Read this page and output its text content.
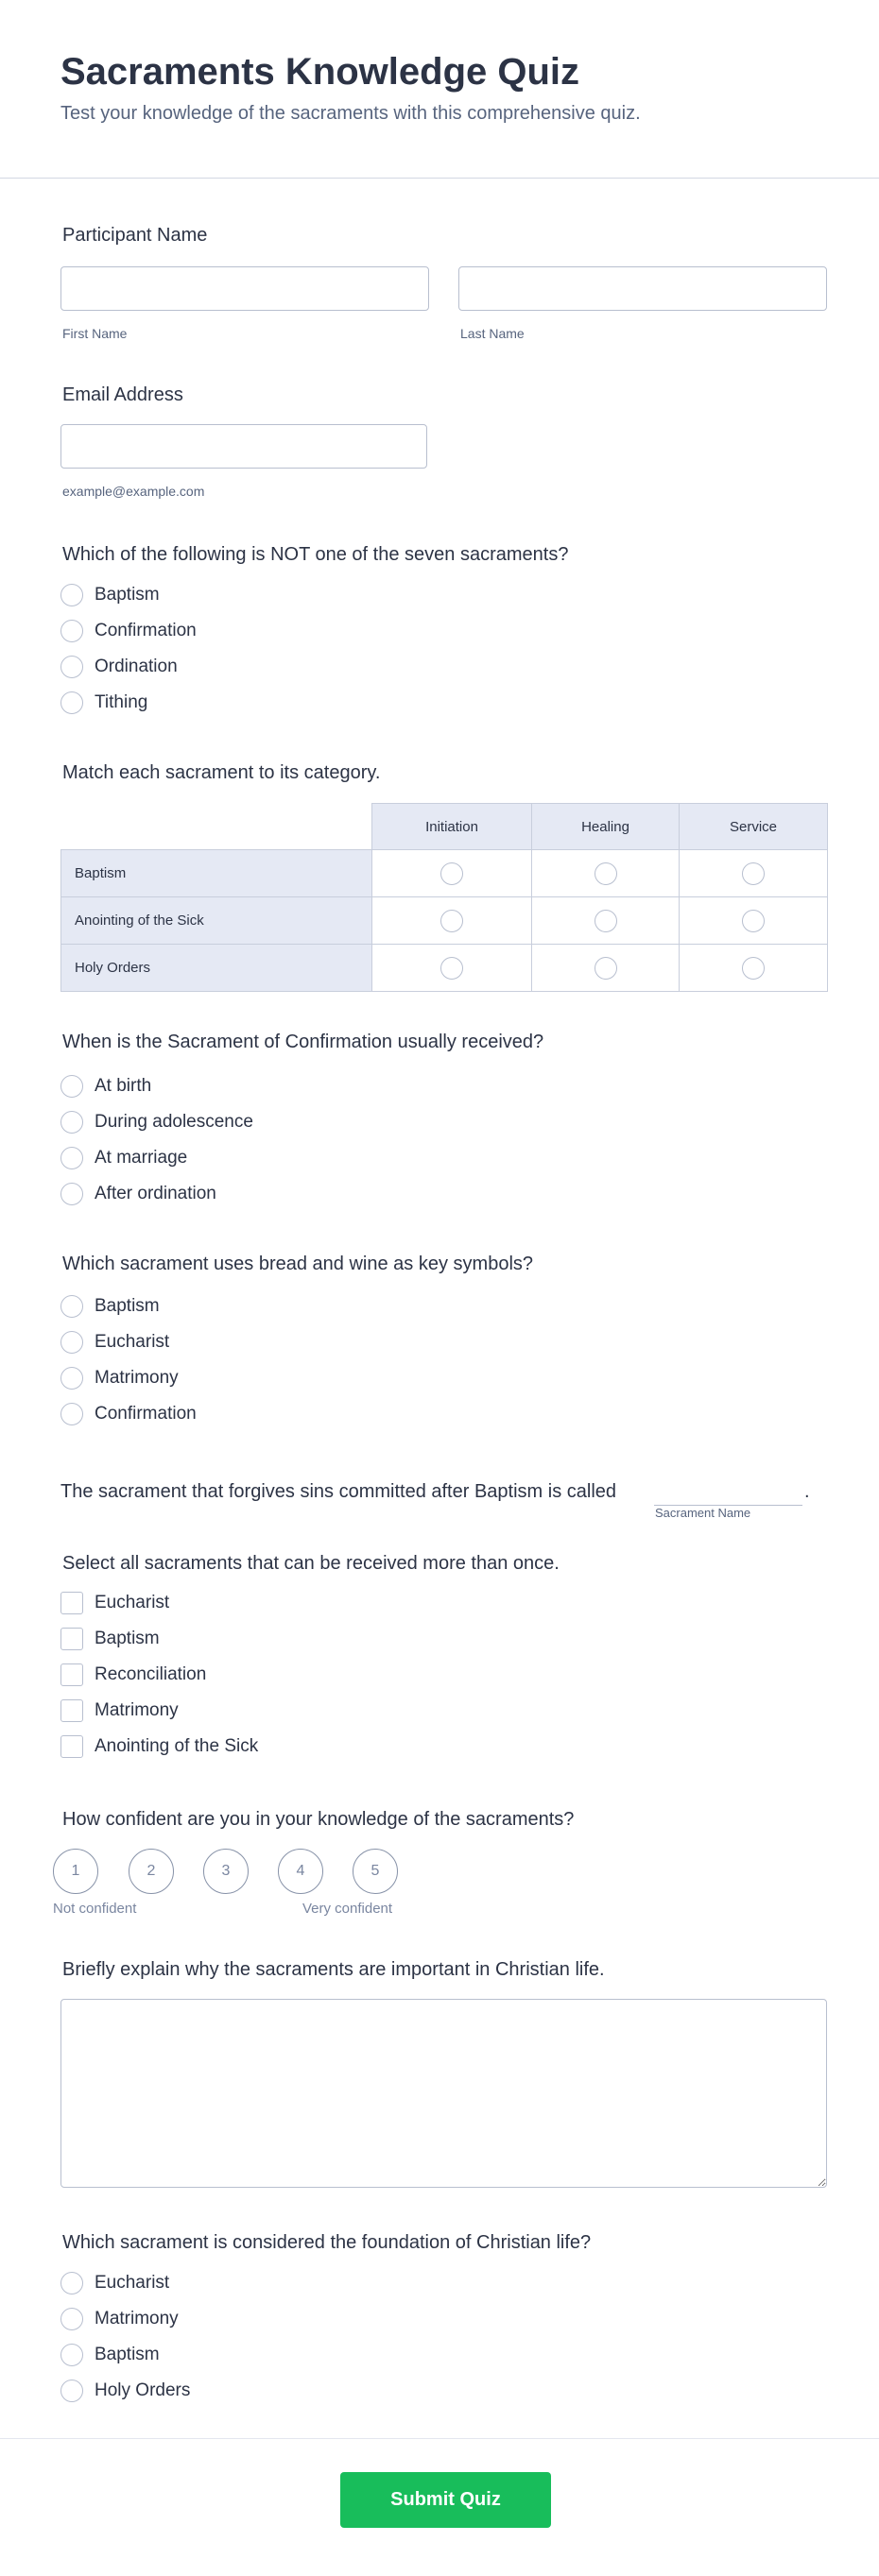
Sacraments Knowledge Quiz

Test your knowledge of the sacraments with this comprehensive quiz.

Participant Name
First Name	Last Name
Email Address
example@example.com
Which of the following is NOT one of the seven sacraments?
Baptism
Confirmation
Ordination
Tithing
Match each sacrament to its category.
	Initiation	Healing	Service
Baptism			
Anointing of the Sick			
Holy Orders			
When is the Sacrament of Confirmation usually received?
At birth
During adolescence
At marriage
After ordination
Which sacrament uses bread and wine as key symbols?
Baptism
Eucharist
Matrimony
Confirmation
The sacrament that forgives sins committed after Baptism is called	.
Sacrament Name
Select all sacraments that can be received more than once.
Eucharist
Baptism
Reconciliation
Matrimony
Anointing of the Sick
How confident are you in your knowledge of the sacraments?
1	2	3	4	5
Not confident	Very confident
Briefly explain why the sacraments are important in Christian life.
Which sacrament is considered the foundation of Christian life?
Eucharist
Matrimony
Baptism
Holy Orders
Submit Quiz
